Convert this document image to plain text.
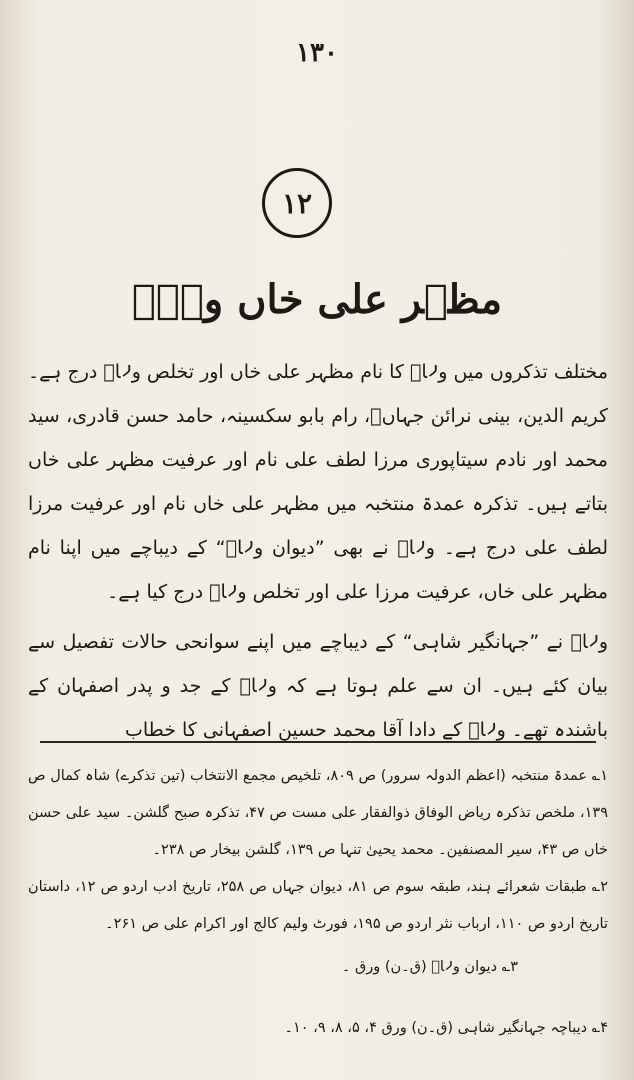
١٣٠
١٢
مظہر علی خاں ولاؔ

مختلف تذکروں میں ولاؔ کا نام مظہر علی خاں اور تخلص ولاؔ درج ہے۔ کریم الدین، بینی نرائن جہاںؔ، رام بابو سکسینہ، حامد حسن قادری، سید محمد اور نادم سیتاپوری مرزا لطف علی نام اور عرفیت مظہر علی خاں بتاتے ہیں۔ تذکرہ عمدۃ منتخبہ میں مظہر علی خاں نام اور عرفیت مرزا لطف علی درج ہے۔ ولاؔ نے بھی ”دیوان ولاؔ“ کے دیباچے میں اپنا نام مظہر علی خاں، عرفیت مرزا علی اور تخلص ولاؔ درج کیا ہے۔

ولاؔ نے ”جہانگیر شاہی“ کے دیباچے میں اپنے سوانحی حالات تفصیل سے بیان کئے ہیں۔ ان سے علم ہوتا ہے کہ ولاؔ کے جد و پدر اصفہان کے باشندہ تھے۔ ولاؔ کے دادا آقا محمد حسین اصفہانی کا خطاب

۱؎ عمدۃ منتخبہ (اعظم الدولہ سرور) ص ۸۰۹، تلخیص مجمع الانتخاب (تین تذکرے) شاہ کمال ص ۱۳۹، ملخص تذکرہ ریاض الوفاق ذوالفقار علی مست ص ۴۷، تذکرہ صبح گلشن۔ سید علی حسن خاں ص ۴۳، سیر المصنفین۔ محمد یحییٰ تنہا ص ۱۳۹، گلشن بیخار ص ۲۳۸۔

۲؎ طبقات شعرائے ہند، طبقہ سوم ص ۸۱، دیوان جہاں ص ۲۵۸، تاریخ ادب اردو ص ۱۲، داستان تاریخ اردو ص ۱۱۰، ارباب نثر اردو ص ۱۹۵، فورٹ ولیم کالج اور اکرام علی ص ۲۶۱۔

۳؎ دیوان ولاؔ (ق۔ن) ورق ۔

۴؎ دیباچہ جہانگیر شاہی (ق۔ن) ورق ۴، ۵، ۸، ۹، ۱۰۔
